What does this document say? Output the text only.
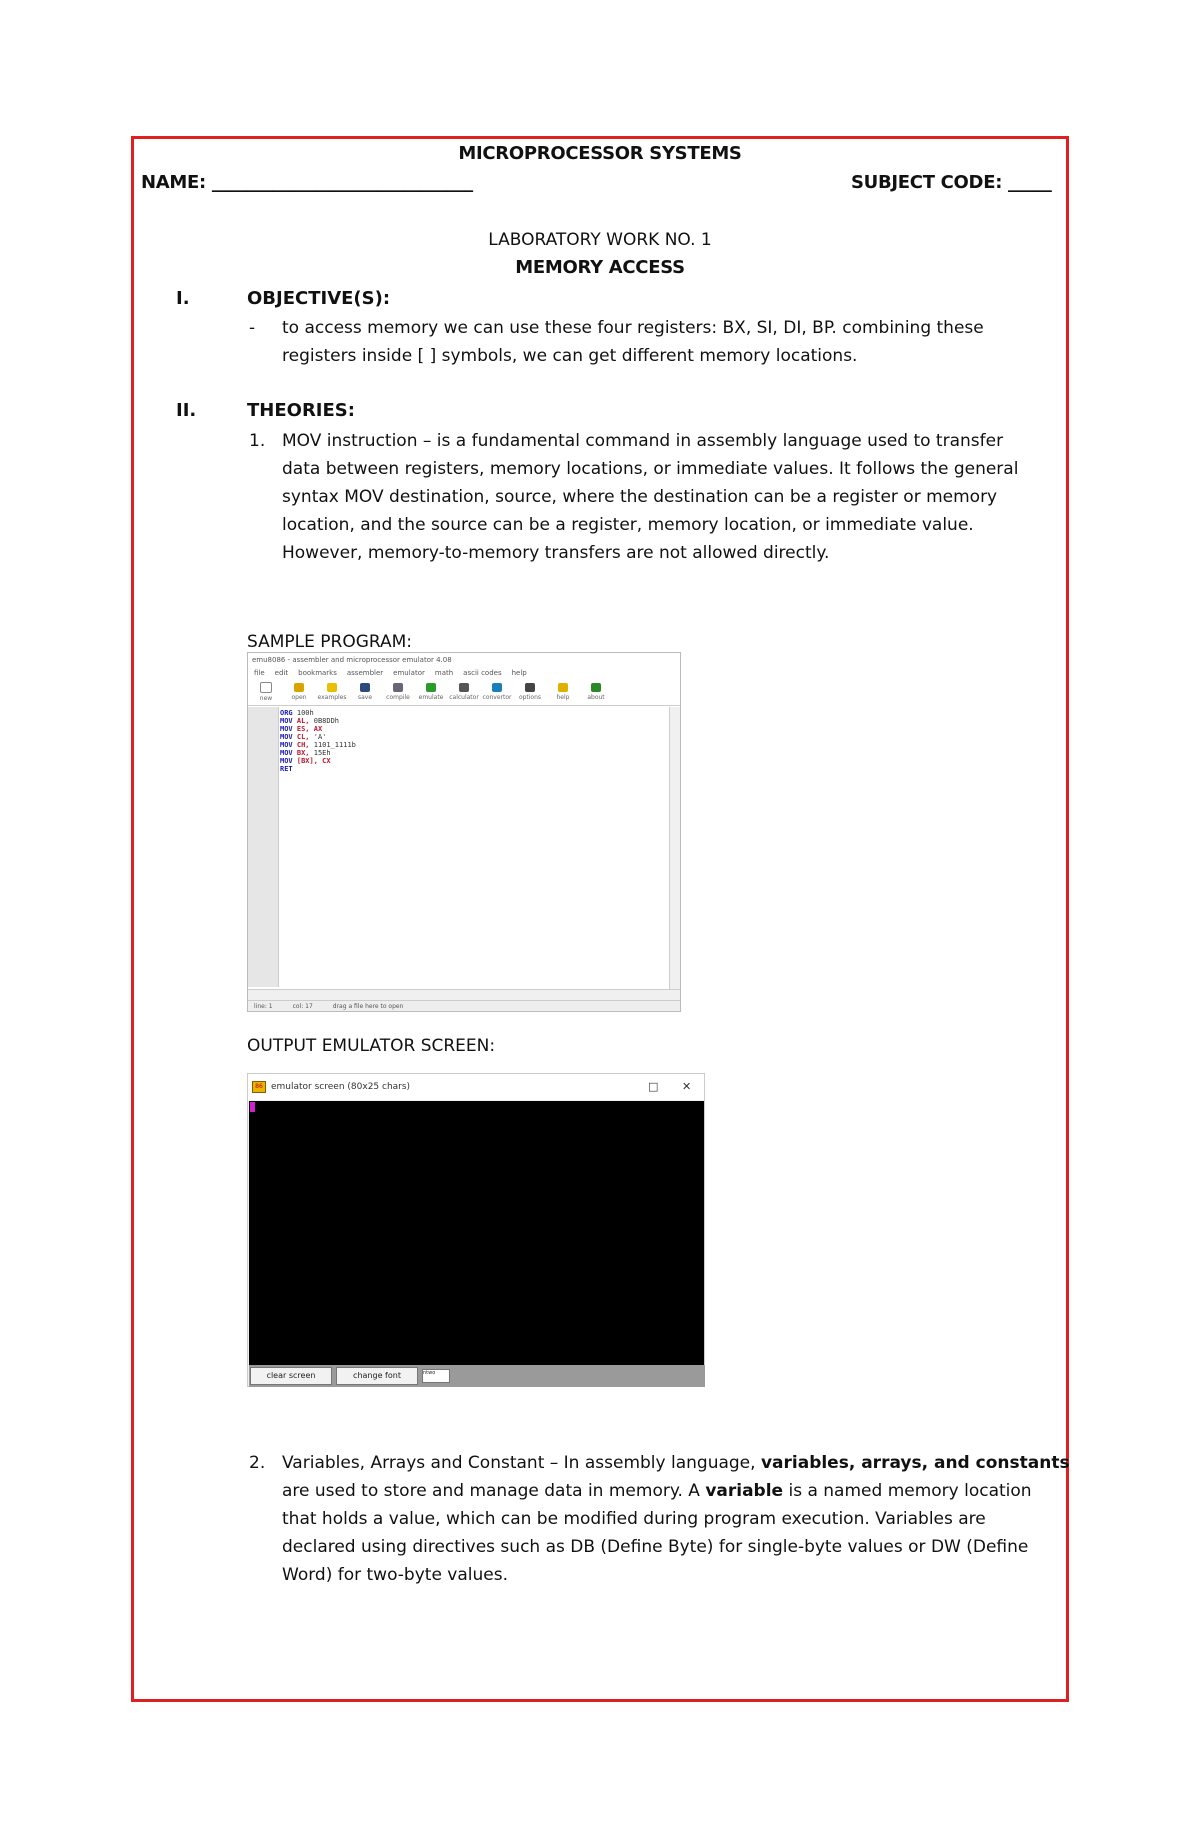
MICROPROCESSOR SYSTEMS
NAME: ______________________________	SUBJECT CODE: _____
LABORATORY WORK NO. 1
MEMORY ACCESS
I.	OBJECTIVE(S):
- to access memory we can use these four registers: BX, SI, DI, BP. combining these
registers inside [ ] symbols, we can get different memory locations.
II.	THEORIES:
1. MOV instruction – is a fundamental command in assembly language used to transfer
data between registers, memory locations, or immediate values. It follows the general
syntax MOV destination, source, where the destination can be a register or memory
location, and the source can be a register, memory location, or immediate value.
However, memory-to-memory transfers are not allowed directly.
SAMPLE PROGRAM:
emu8086 - assembler and microprocessor emulator 4.08
file edit bookmarks assembler emulator math ascii codes help
new	open examples save compile emulate calculator convertor options	help	about
ORG 100h
MOV AL, 0B8DDh
MOV ES, AX
MOV CL, 'A'
MOV CH, 1101_1111b
MOV BX, 15Eh
MOV [BX], CX
RET
line: 1	col: 17	drag a file here to open
OUTPUT EMULATOR SCREEN:
86 emulator screen (80x25 chars)	□ ✕
clear screen	change font	ntwo
2. Variables, Arrays and Constant – In assembly language, variables, arrays, and constants
are used to store and manage data in memory. A variable is a named memory location
that holds a value, which can be modified during program execution. Variables are
declared using directives such as DB (Define Byte) for single-byte values or DW (Define
Word) for two-byte values.
